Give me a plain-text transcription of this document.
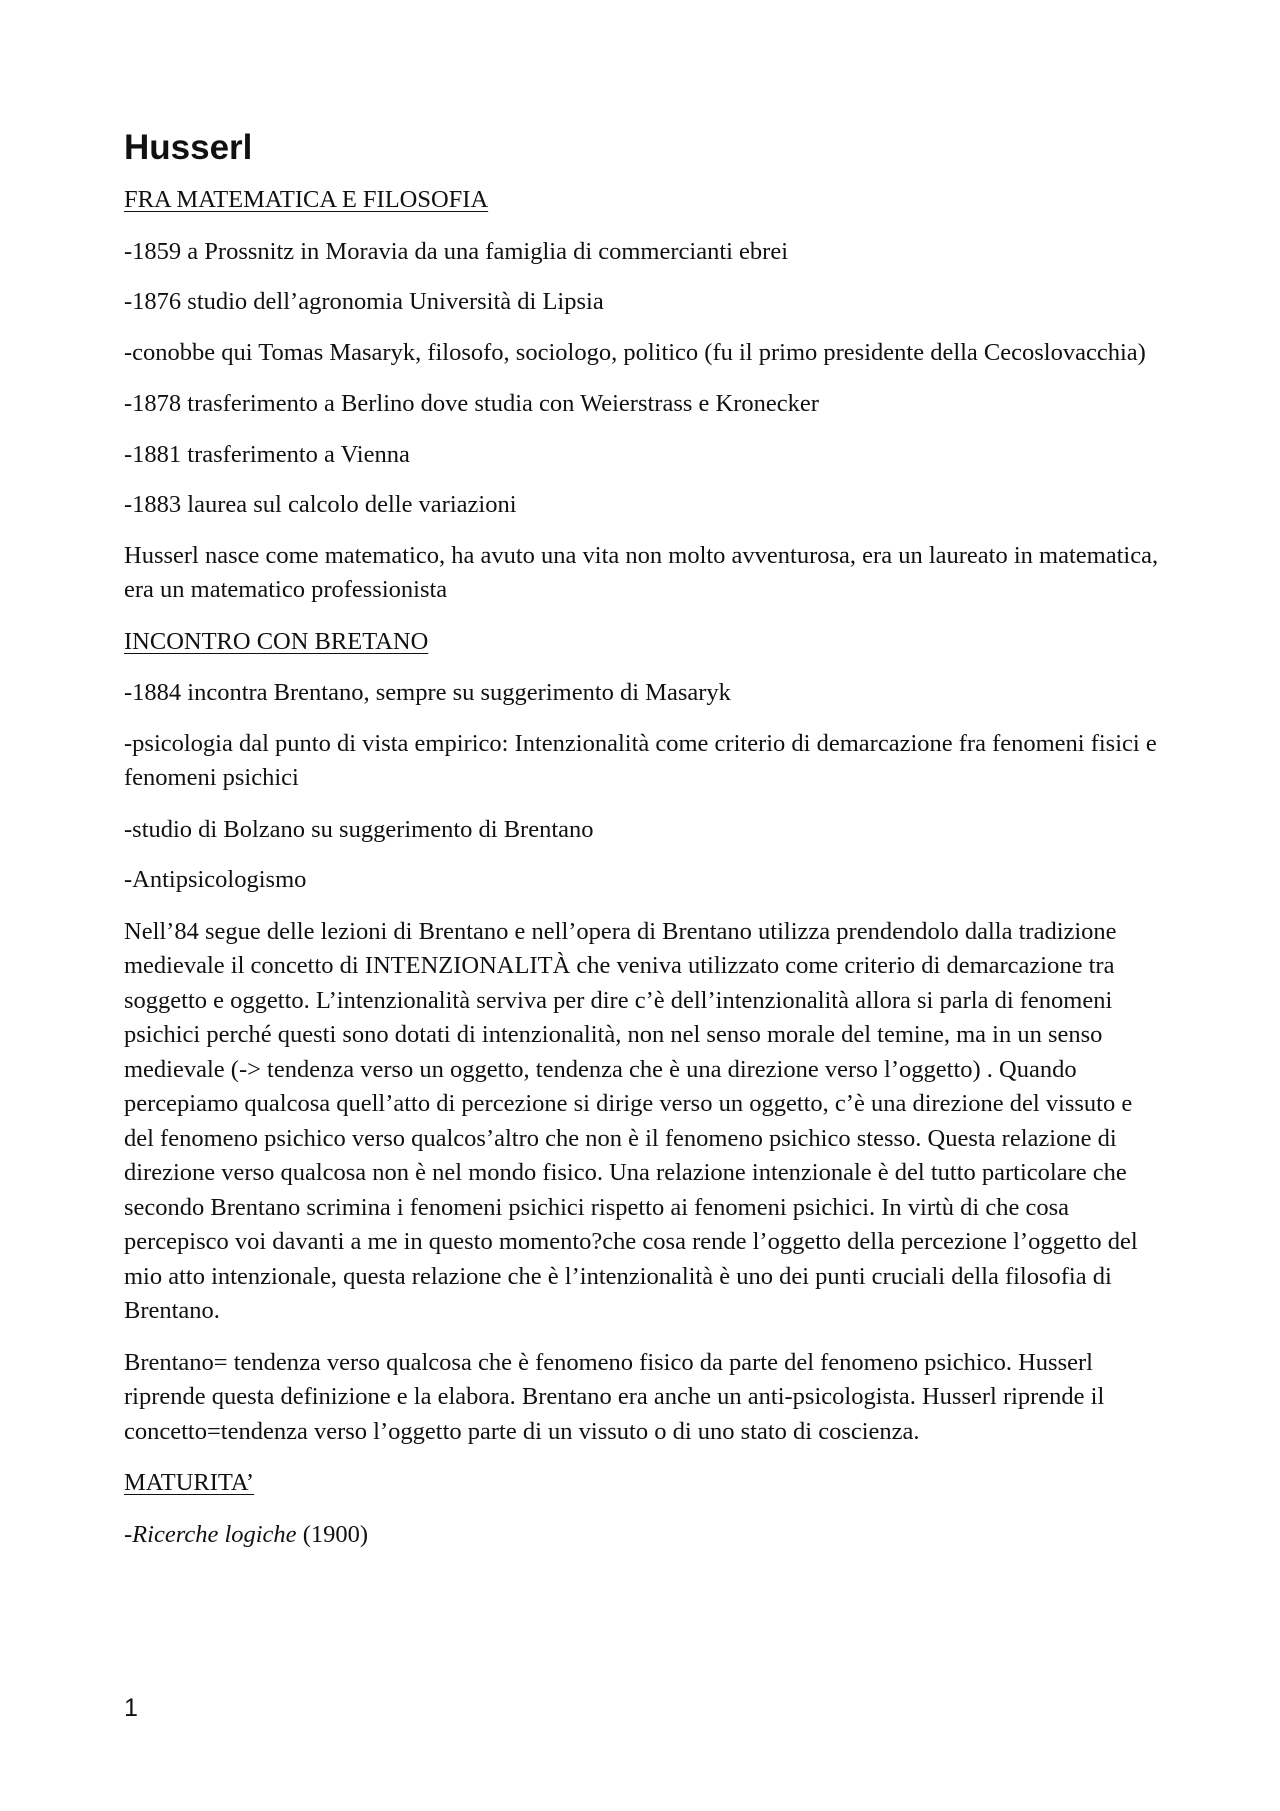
Husserl
FRA MATEMATICA E FILOSOFIA
-1859 a Prossnitz in Moravia da una famiglia di commercianti ebrei
-1876 studio dell’agronomia Università di Lipsia
-conobbe qui Tomas Masaryk, filosofo, sociologo, politico (fu il primo presidente della Cecoslovacchia)
-1878 trasferimento a Berlino dove studia con Weierstrass e Kronecker
-1881 trasferimento a Vienna
-1883 laurea sul calcolo delle variazioni
Husserl nasce come matematico, ha avuto una vita non molto avventurosa, era un laureato in matematica, era un matematico professionista
INCONTRO CON BRETANO
-1884 incontra Brentano, sempre su suggerimento di Masaryk
-psicologia dal punto di vista empirico: Intenzionalità come criterio di demarcazione fra fenomeni fisici e fenomeni psichici
-studio di Bolzano su suggerimento di Brentano
-Antipsicologismo
Nell’84 segue delle lezioni di Brentano e nell’opera di Brentano utilizza prendendolo dalla tradizione medievale il concetto di INTENZIONALITÀ che veniva utilizzato come criterio di demarcazione tra soggetto e oggetto. L’intenzionalità serviva per dire c’è dell’intenzionalità allora si parla di fenomeni psichici perché questi sono dotati di intenzionalità, non nel senso morale del temine, ma in un senso medievale (-> tendenza verso un oggetto, tendenza che è una direzione verso l’oggetto) . Quando percepiamo qualcosa quell’atto di percezione si dirige verso un oggetto, c’è una direzione del vissuto e del fenomeno psichico verso qualcos’altro che non è il fenomeno psichico stesso. Questa relazione di direzione verso qualcosa non è nel mondo fisico. Una relazione intenzionale è del tutto particolare che secondo Brentano scrimina i fenomeni psichici rispetto ai fenomeni psichici. In virtù di che cosa percepisco voi davanti a me in questo momento?che cosa rende l’oggetto della percezione l’oggetto del mio atto intenzionale, questa relazione che è l’intenzionalità è uno dei punti cruciali della filosofia di Brentano.
Brentano= tendenza verso qualcosa che è fenomeno fisico da parte del fenomeno psichico. Husserl riprende questa definizione e la elabora. Brentano era anche un anti-psicologista. Husserl riprende il concetto=tendenza verso l’oggetto parte di un vissuto o di uno stato di coscienza.
MATURITA’
-Ricerche logiche (1900)
1
